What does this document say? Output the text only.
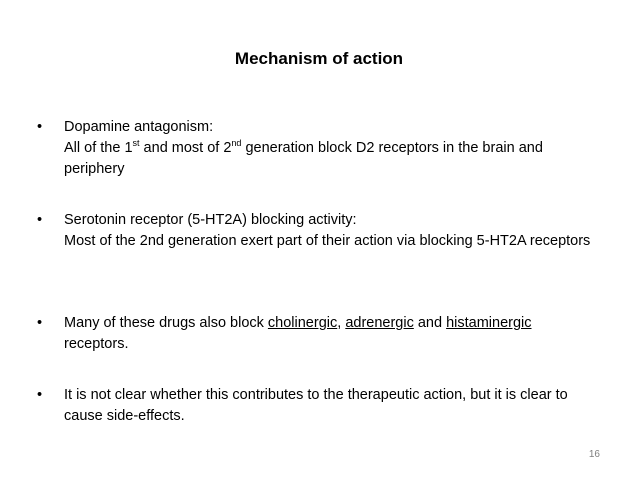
Mechanism of action
• Dopamine antagonism:
All of the 1st and most of 2nd generation block D2 receptors in the brain and periphery
• Serotonin receptor (5-HT2A) blocking activity:
Most of the 2nd generation exert part of their action via blocking 5-HT2A receptors
• Many of these drugs also block cholinergic, adrenergic and histaminergic receptors.
• It is not clear whether this contributes to the therapeutic action, but it is clear to cause side-effects.
16
